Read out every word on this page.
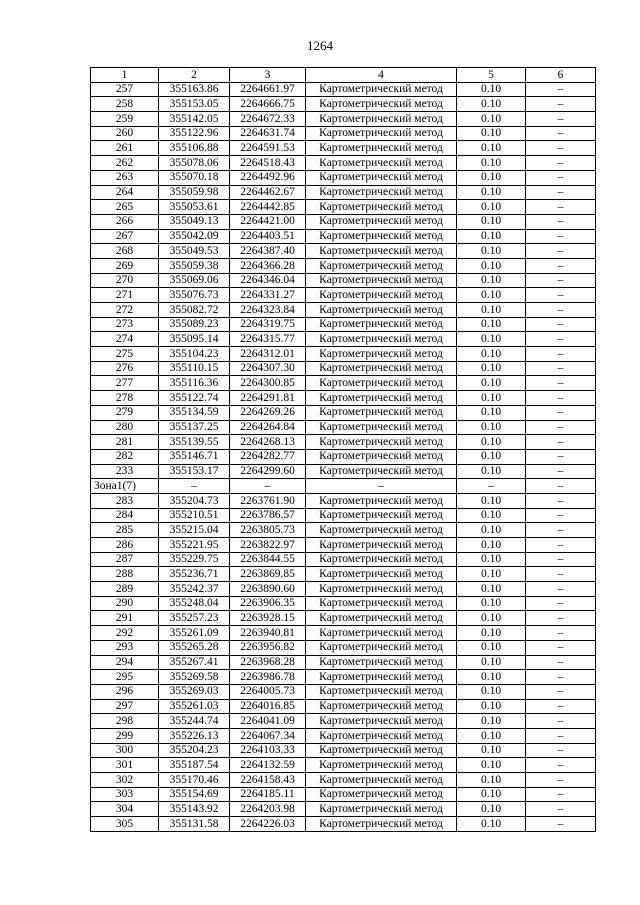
1264
1	2	3	4	5	6
257	355163.86	2264661.97	Картометрический метод	0.10	–
258	355153.05	2264666.75	Картометрический метод	0.10	–
259	355142.05	2264672.33	Картометрический метод	0.10	–
260	355122.96	2264631.74	Картометрический метод	0.10	–
261	355106.88	2264591.53	Картометрический метод	0.10	–
262	355078.06	2264518.43	Картометрический метод	0.10	–
263	355070.18	2264492.96	Картометрический метод	0.10	–
264	355059.98	2264462.67	Картометрический метод	0.10	–
265	355053.61	2264442.85	Картометрический метод	0.10	–
266	355049.13	2264421.00	Картометрический метод	0.10	–
267	355042.09	2264403.51	Картометрический метод	0.10	–
268	355049.53	2264387.40	Картометрический метод	0.10	–
269	355059.38	2264366.28	Картометрический метод	0.10	–
270	355069.06	2264346.04	Картометрический метод	0.10	–
271	355076.73	2264331.27	Картометрический метод	0.10	–
272	355082.72	2264323.84	Картометрический метод	0.10	–
273	355089.23	2264319.75	Картометрический метод	0.10	–
274	355095.14	2264315.77	Картометрический метод	0.10	–
275	355104.23	2264312.01	Картометрический метод	0.10	–
276	355110.15	2264307.30	Картометрический метод	0.10	–
277	355116.36	2264300.85	Картометрический метод	0.10	–
278	355122.74	2264291.81	Картометрический метод	0.10	–
279	355134.59	2264269.26	Картометрический метод	0.10	–
280	355137.25	2264264.84	Картометрический метод	0.10	–
281	355139.55	2264268.13	Картометрический метод	0.10	–
282	355146.71	2264282.77	Картометрический метод	0.10	–
233	355153.17	2264299.60	Картометрический метод	0.10	–
Зона1(7)	–	–	–	–	–
283	355204.73	2263761.90	Картометрический метод	0.10	–
284	355210.51	2263786.57	Картометрический метод	0.10	–
285	355215.04	2263805.73	Картометрический метод	0.10	–
286	355221.95	2263822.97	Картометрический метод	0.10	–
287	355229.75	2263844.55	Картометрический метод	0.10	–
288	355236.71	2263869.85	Картометрический метод	0.10	–
289	355242.37	2263890.60	Картометрический метод	0.10	–
290	355248.04	2263906.35	Картометрический метод	0.10	–
291	355257.23	2263928.15	Картометрический метод	0.10	–
292	355261.09	2263940.81	Картометрический метод	0.10	–
293	355265.28	2263956.82	Картометрический метод	0.10	–
294	355267.41	2263968.28	Картометрический метод	0.10	–
295	355269.58	2263986.78	Картометрический метод	0.10	–
296	355269.03	2264005.73	Картометрический метод	0.10	–
297	355261.03	2264016.85	Картометрический метод	0.10	–
298	355244.74	2264041.09	Картометрический метод	0.10	–
299	355226.13	2264067.34	Картометрический метод	0.10	–
300	355204.23	2264103.33	Картометрический метод	0.10	–
301	355187.54	2264132.59	Картометрический метод	0.10	–
302	355170.46	2264158.43	Картометрический метод	0.10	–
303	355154.69	2264185.11	Картометрический метод	0.10	–
304	355143.92	2264203.98	Картометрический метод	0.10	–
305	355131.58	2264226.03	Картометрический метод	0.10	–
